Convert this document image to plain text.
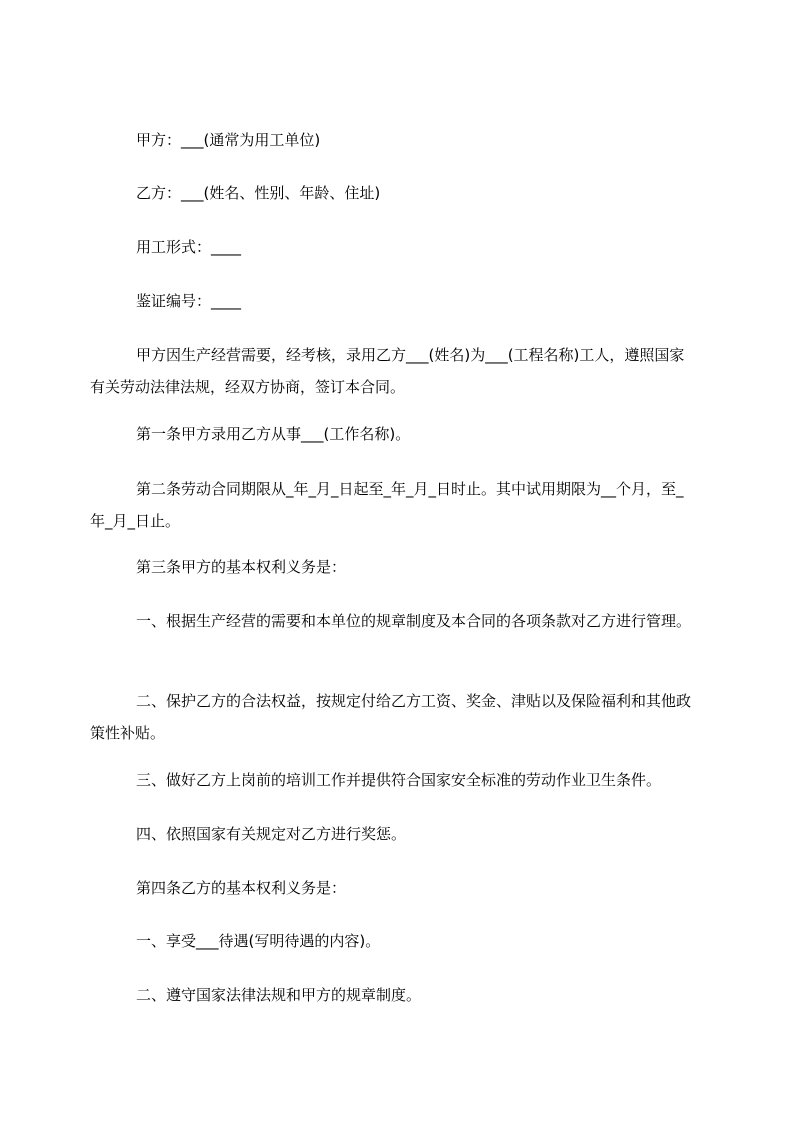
甲方：___(通常为用工单位)
乙方：___(姓名、性别、年龄、住址)
用工形式：____
鉴证编号：____
甲方因生产经营需要，经考核，录用乙方___(姓名)为___(工程名称)工人，遵照国家有关劳动法律法规，经双方协商，签订本合同。
第一条甲方录用乙方从事___(工作名称)。
第二条劳动合同期限从_年_月_日起至_年_月_日时止。其中试用期限为__个月，至_年_月_日止。
第三条甲方的基本权利义务是：
一、根据生产经营的需要和本单位的规章制度及本合同的各项条款对乙方进行管理。
二、保护乙方的合法权益，按规定付给乙方工资、奖金、津贴以及保险福利和其他政策性补贴。
三、做好乙方上岗前的培训工作并提供符合国家安全标准的劳动作业卫生条件。
四、依照国家有关规定对乙方进行奖惩。
第四条乙方的基本权利义务是：
一、享受___待遇(写明待遇的内容)。
二、遵守国家法律法规和甲方的规章制度。
